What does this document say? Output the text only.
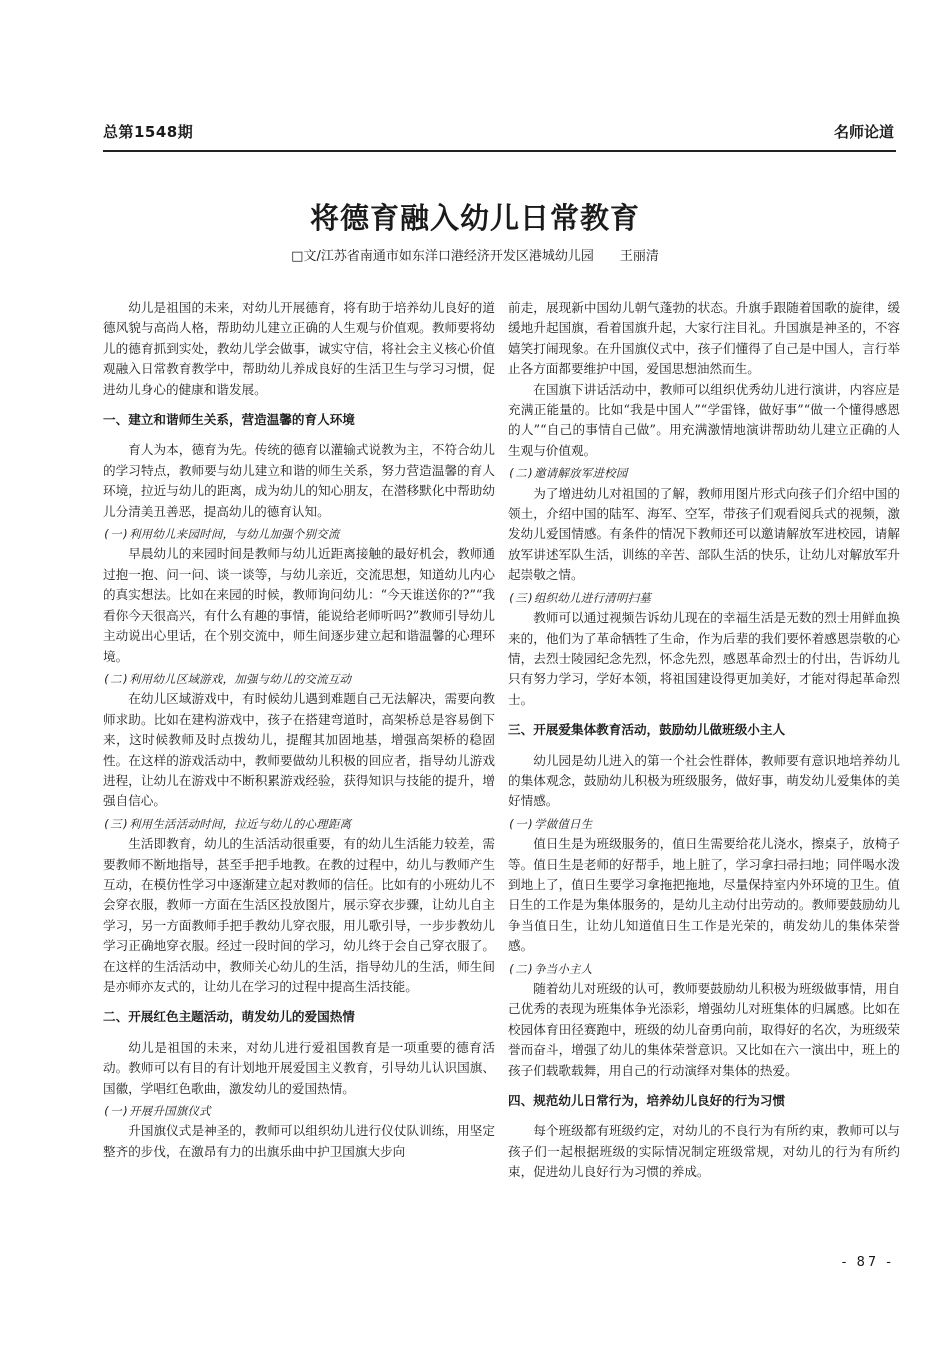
总第1548期	名师论道
将德育融入幼儿日常教育
□文/江苏省南通市如东洋口港经济开发区港城幼儿园 王丽清

幼儿是祖国的未来，对幼儿开展德育，将有助于培养幼儿良好的道德风貌与高尚人格，帮助幼儿建立正确的人生观与价值观。教师要将幼儿的德育抓到实处，教幼儿学会做事，诚实守信，将社会主义核心价值观融入日常教育教学中，帮助幼儿养成良好的生活卫生与学习习惯，促进幼儿身心的健康和谐发展。

一、建立和谐师生关系，营造温馨的育人环境

育人为本，德育为先。传统的德育以灌输式说教为主，不符合幼儿的学习特点，教师要与幼儿建立和谐的师生关系，努力营造温馨的育人环境，拉近与幼儿的距离，成为幼儿的知心朋友，在潜移默化中帮助幼儿分清美丑善恶，提高幼儿的德育认知。

(一)利用幼儿来园时间，与幼儿加强个别交流

早晨幼儿的来园时间是教师与幼儿近距离接触的最好机会，教师通过抱一抱、问一问、谈一谈等，与幼儿亲近，交流思想，知道幼儿内心的真实想法。比如在来园的时候，教师询问幼儿：“今天谁送你的?”“我看你今天很高兴，有什么有趣的事情，能说给老师听吗?”教师引导幼儿主动说出心里话，在个别交流中，师生间逐步建立起和谐温馨的心理环境。

(二)利用幼儿区域游戏，加强与幼儿的交流互动

在幼儿区域游戏中，有时候幼儿遇到难题自己无法解决，需要向教师求助。比如在建构游戏中，孩子在搭建弯道时，高架桥总是容易倒下来，这时候教师及时点拨幼儿，提醒其加固地基，增强高架桥的稳固性。在这样的游戏活动中，教师要做幼儿积极的回应者，指导幼儿游戏进程，让幼儿在游戏中不断积累游戏经验，获得知识与技能的提升，增强自信心。

(三)利用生活活动时间，拉近与幼儿的心理距离

生活即教育，幼儿的生活活动很重要，有的幼儿生活能力较差，需要教师不断地指导，甚至手把手地教。在教的过程中，幼儿与教师产生互动，在模仿性学习中逐渐建立起对教师的信任。比如有的小班幼儿不会穿衣服，教师一方面在生活区投放图片，展示穿衣步骤，让幼儿自主学习，另一方面教师手把手教幼儿穿衣服，用儿歌引导，一步步教幼儿学习正确地穿衣服。经过一段时间的学习，幼儿终于会自己穿衣服了。在这样的生活活动中，教师关心幼儿的生活，指导幼儿的生活，师生间是亦师亦友式的，让幼儿在学习的过程中提高生活技能。

二、开展红色主题活动，萌发幼儿的爱国热情

幼儿是祖国的未来，对幼儿进行爱祖国教育是一项重要的德育活动。教师可以有目的有计划地开展爱国主义教育，引导幼儿认识国旗、国徽，学唱红色歌曲，激发幼儿的爱国热情。

(一)开展升国旗仪式

升国旗仪式是神圣的，教师可以组织幼儿进行仪仗队训练，用坚定整齐的步伐，在激昂有力的出旗乐曲中护卫国旗大步向

前走，展现新中国幼儿朝气蓬勃的状态。升旗手跟随着国歌的旋律，缓缓地升起国旗，看着国旗升起，大家行注目礼。升国旗是神圣的，不容嬉笑打闹现象。在升国旗仪式中，孩子们懂得了自己是中国人，言行举止各方面都要维护中国，爱国思想油然而生。

在国旗下讲话活动中，教师可以组织优秀幼儿进行演讲，内容应是充满正能量的。比如“我是中国人”“学雷锋，做好事”“做一个懂得感恩的人”“自己的事情自己做”。用充满激情地演讲帮助幼儿建立正确的人生观与价值观。

(二)邀请解放军进校园

为了增进幼儿对祖国的了解，教师用图片形式向孩子们介绍中国的领土，介绍中国的陆军、海军、空军，带孩子们观看阅兵式的视频，激发幼儿爱国情感。有条件的情况下教师还可以邀请解放军进校园，请解放军讲述军队生活，训练的辛苦、部队生活的快乐，让幼儿对解放军升起崇敬之情。

(三)组织幼儿进行清明扫墓

教师可以通过视频告诉幼儿现在的幸福生活是无数的烈士用鲜血换来的，他们为了革命牺牲了生命，作为后辈的我们要怀着感恩崇敬的心情，去烈士陵园纪念先烈，怀念先烈，感恩革命烈士的付出，告诉幼儿只有努力学习，学好本领，将祖国建设得更加美好，才能对得起革命烈士。

三、开展爱集体教育活动，鼓励幼儿做班级小主人

幼儿园是幼儿进入的第一个社会性群体，教师要有意识地培养幼儿的集体观念，鼓励幼儿积极为班级服务，做好事，萌发幼儿爱集体的美好情感。

(一)学做值日生

值日生是为班级服务的，值日生需要给花儿浇水，擦桌子，放椅子等。值日生是老师的好帮手，地上脏了，学习拿扫帚扫地；同伴喝水泼到地上了，值日生要学习拿拖把拖地，尽量保持室内外环境的卫生。值日生的工作是为集体服务的，是幼儿主动付出劳动的。教师要鼓励幼儿争当值日生，让幼儿知道值日生工作是光荣的，萌发幼儿的集体荣誉感。

(二)争当小主人

随着幼儿对班级的认可，教师要鼓励幼儿积极为班级做事情，用自己优秀的表现为班集体争光添彩，增强幼儿对班集体的归属感。比如在校园体育田径赛跑中，班级的幼儿奋勇向前，取得好的名次，为班级荣誉而奋斗，增强了幼儿的集体荣誉意识。又比如在六一演出中，班上的孩子们载歌载舞，用自己的行动演绎对集体的热爱。

四、规范幼儿日常行为，培养幼儿良好的行为习惯

每个班级都有班级约定，对幼儿的不良行为有所约束，教师可以与孩子们一起根据班级的实际情况制定班级常规，对幼儿的行为有所约束，促进幼儿良好行为习惯的养成。

- 87 -
